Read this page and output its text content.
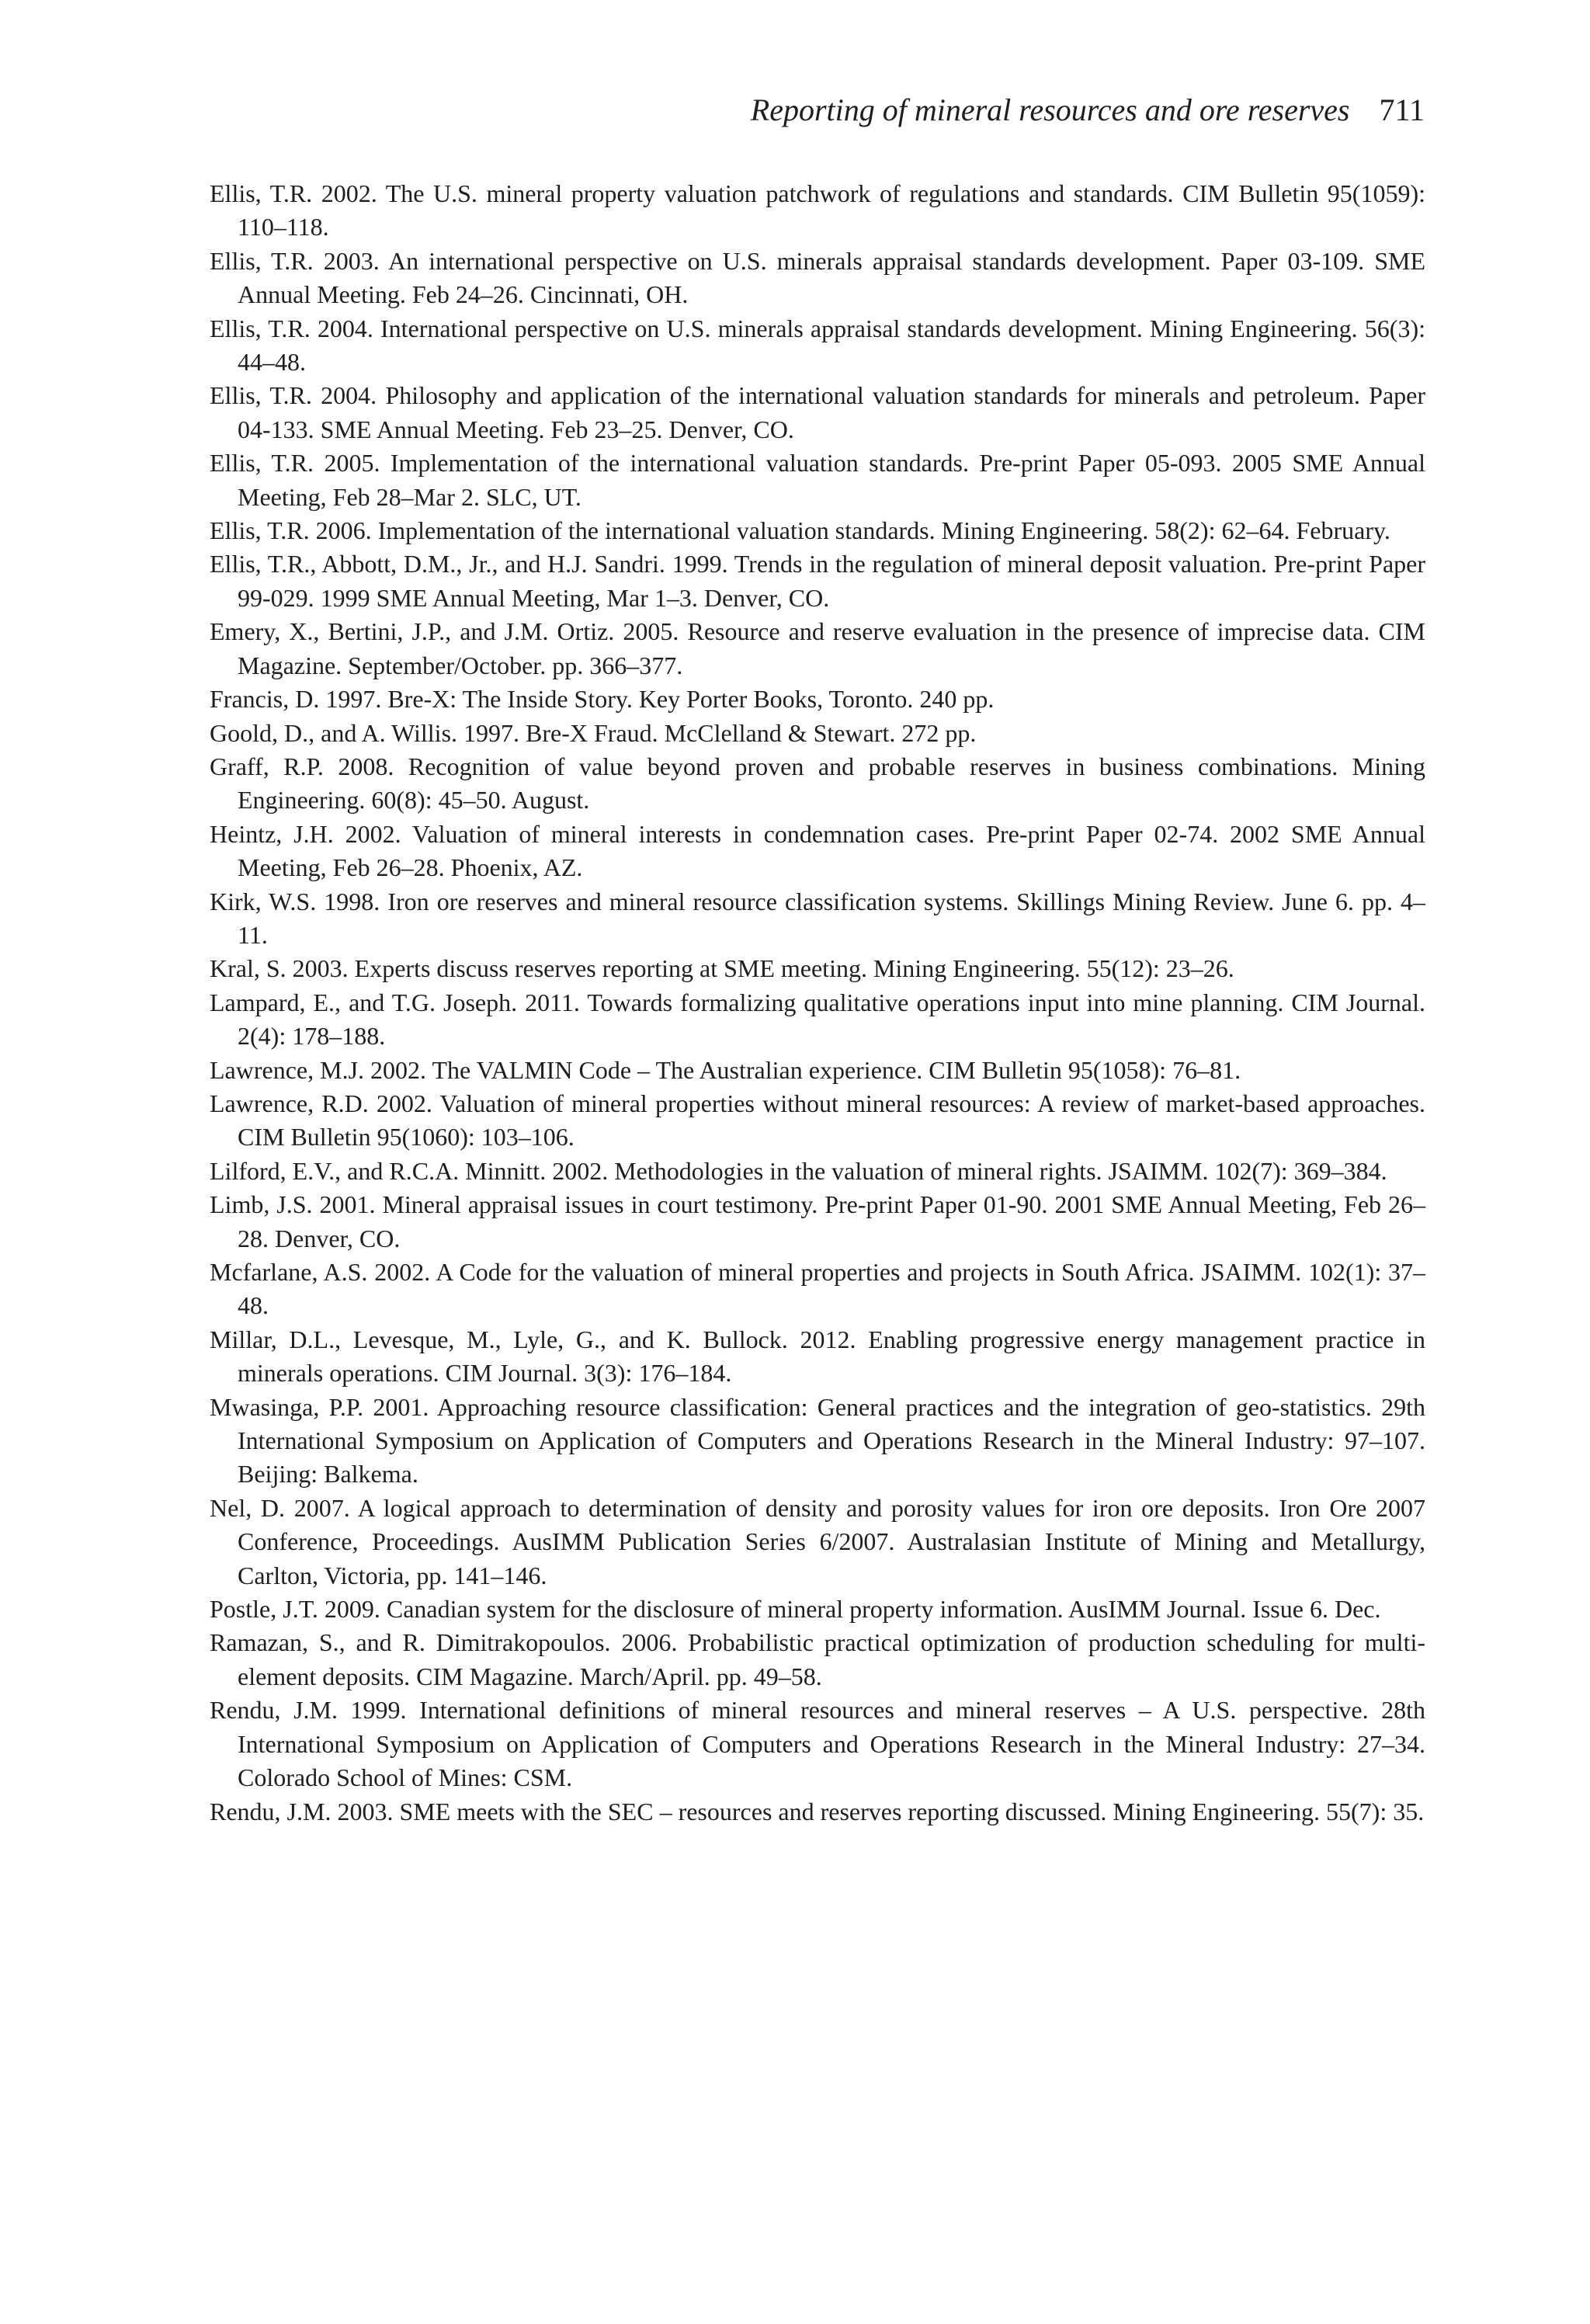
Reporting of mineral resources and ore reserves 711
Ellis, T.R. 2002. The U.S. mineral property valuation patchwork of regulations and standards. CIM Bulletin 95(1059): 110–118.
Ellis, T.R. 2003. An international perspective on U.S. minerals appraisal standards development. Paper 03-109. SME Annual Meeting. Feb 24–26. Cincinnati, OH.
Ellis, T.R. 2004. International perspective on U.S. minerals appraisal standards development. Mining Engineering. 56(3): 44–48.
Ellis, T.R. 2004. Philosophy and application of the international valuation standards for minerals and petroleum. Paper 04-133. SME Annual Meeting. Feb 23–25. Denver, CO.
Ellis, T.R. 2005. Implementation of the international valuation standards. Pre-print Paper 05-093. 2005 SME Annual Meeting, Feb 28–Mar 2. SLC, UT.
Ellis, T.R. 2006. Implementation of the international valuation standards. Mining Engineering. 58(2): 62–64. February.
Ellis, T.R., Abbott, D.M., Jr., and H.J. Sandri. 1999. Trends in the regulation of mineral deposit valuation. Pre-print Paper 99-029. 1999 SME Annual Meeting, Mar 1–3. Denver, CO.
Emery, X., Bertini, J.P., and J.M. Ortiz. 2005. Resource and reserve evaluation in the presence of imprecise data. CIM Magazine. September/October. pp. 366–377.
Francis, D. 1997. Bre-X: The Inside Story. Key Porter Books, Toronto. 240 pp.
Goold, D., and A. Willis. 1997. Bre-X Fraud. McClelland & Stewart. 272 pp.
Graff, R.P. 2008. Recognition of value beyond proven and probable reserves in business combinations. Mining Engineering. 60(8): 45–50. August.
Heintz, J.H. 2002. Valuation of mineral interests in condemnation cases. Pre-print Paper 02-74. 2002 SME Annual Meeting, Feb 26–28. Phoenix, AZ.
Kirk, W.S. 1998. Iron ore reserves and mineral resource classification systems. Skillings Mining Review. June 6. pp. 4–11.
Kral, S. 2003. Experts discuss reserves reporting at SME meeting. Mining Engineering. 55(12): 23–26.
Lampard, E., and T.G. Joseph. 2011. Towards formalizing qualitative operations input into mine planning. CIM Journal. 2(4): 178–188.
Lawrence, M.J. 2002. The VALMIN Code – The Australian experience. CIM Bulletin 95(1058): 76–81.
Lawrence, R.D. 2002. Valuation of mineral properties without mineral resources: A review of market-based approaches. CIM Bulletin 95(1060): 103–106.
Lilford, E.V., and R.C.A. Minnitt. 2002. Methodologies in the valuation of mineral rights. JSAIMM. 102(7): 369–384.
Limb, J.S. 2001. Mineral appraisal issues in court testimony. Pre-print Paper 01-90. 2001 SME Annual Meeting, Feb 26–28. Denver, CO.
Mcfarlane, A.S. 2002. A Code for the valuation of mineral properties and projects in South Africa. JSAIMM. 102(1): 37–48.
Millar, D.L., Levesque, M., Lyle, G., and K. Bullock. 2012. Enabling progressive energy management practice in minerals operations. CIM Journal. 3(3): 176–184.
Mwasinga, P.P. 2001. Approaching resource classification: General practices and the integration of geo-statistics. 29th International Symposium on Application of Computers and Operations Research in the Mineral Industry: 97–107. Beijing: Balkema.
Nel, D. 2007. A logical approach to determination of density and porosity values for iron ore deposits. Iron Ore 2007 Conference, Proceedings. AusIMM Publication Series 6/2007. Australasian Institute of Mining and Metallurgy, Carlton, Victoria, pp. 141–146.
Postle, J.T. 2009. Canadian system for the disclosure of mineral property information. AusIMM Journal. Issue 6. Dec.
Ramazan, S., and R. Dimitrakopoulos. 2006. Probabilistic practical optimization of production scheduling for multi-element deposits. CIM Magazine. March/April. pp. 49–58.
Rendu, J.M. 1999. International definitions of mineral resources and mineral reserves – A U.S. perspective. 28th International Symposium on Application of Computers and Operations Research in the Mineral Industry: 27–34. Colorado School of Mines: CSM.
Rendu, J.M. 2003. SME meets with the SEC – resources and reserves reporting discussed. Mining Engineering. 55(7): 35.
